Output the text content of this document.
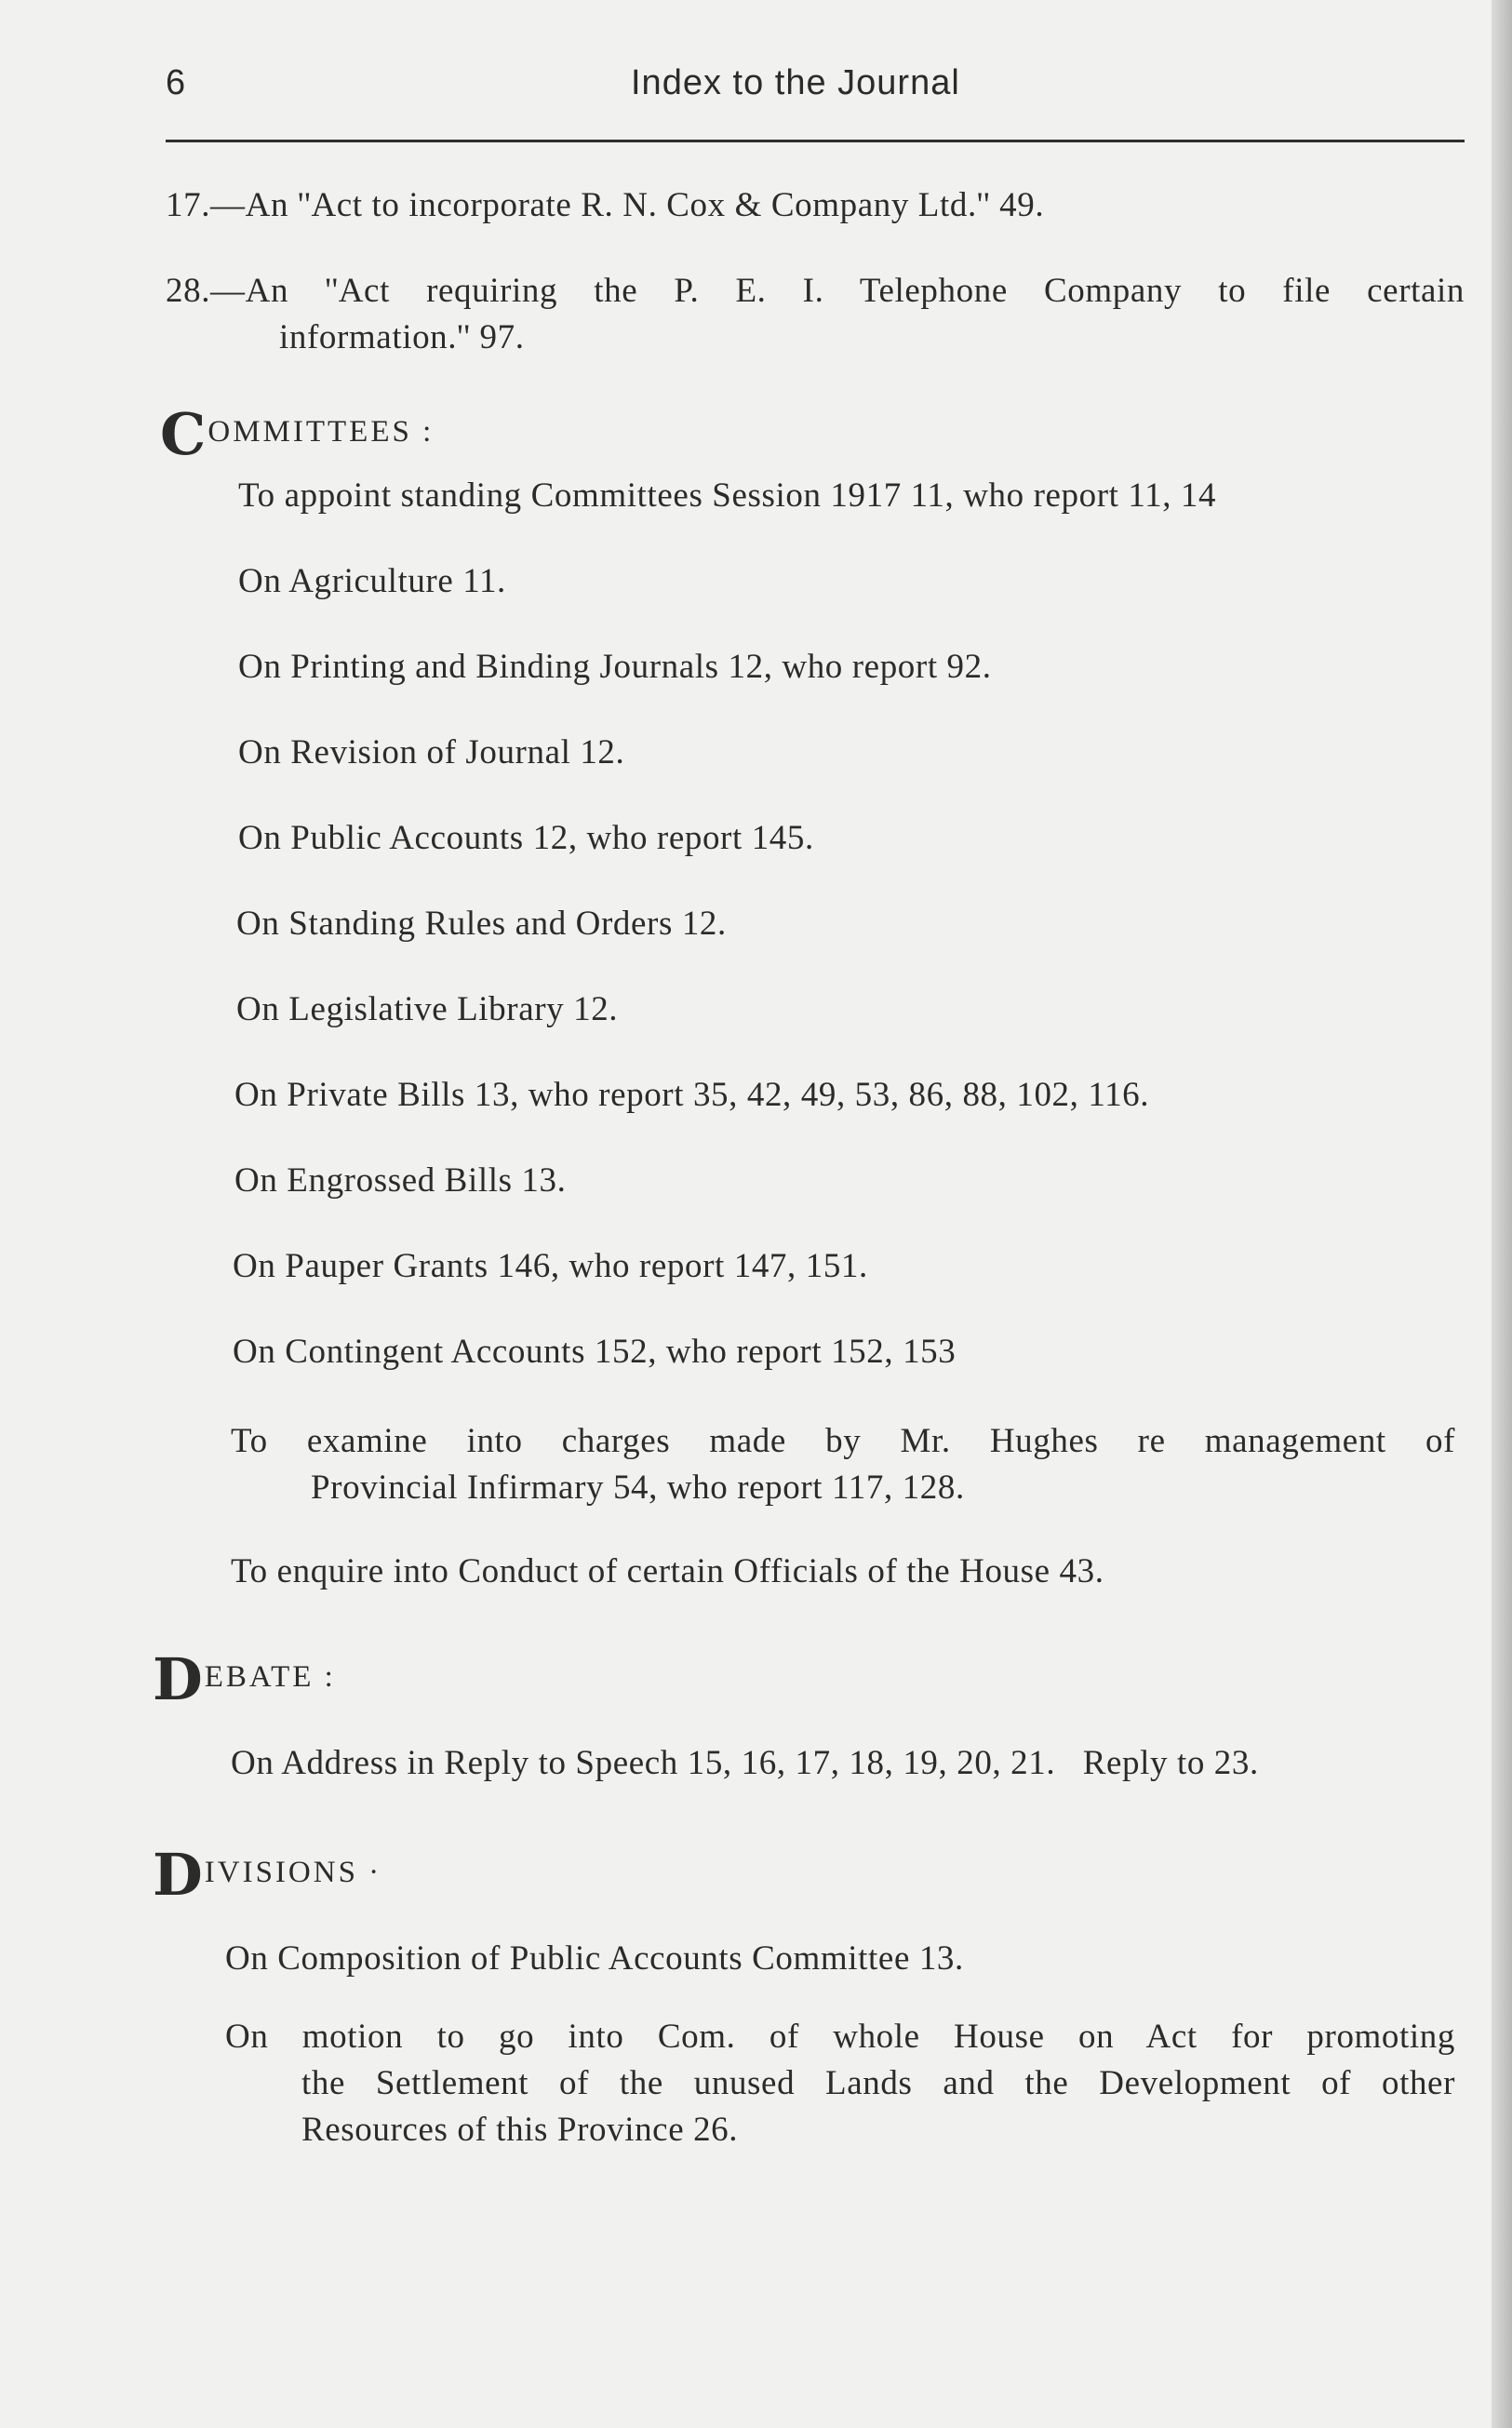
6	Index to the Journal
17.—An ''Act to incorporate R. N. Cox & Company Ltd.'' 49.
28.—An ''Act requiring the P. E. I. Telephone Company to file certain
information.'' 97.
COMMITTEES :
To appoint standing Committees Session 1917 11, who report 11, 14
On Agriculture 11.
On Printing and Binding Journals 12, who report 92.
On Revision of Journal 12.
On Public Accounts 12, who report 145.
On Standing Rules and Orders 12.
On Legislative Library 12.
On Private Bills 13, who report 35, 42, 49, 53, 86, 88, 102, 116.
On Engrossed Bills 13.
On Pauper Grants 146, who report 147, 151.
On Contingent Accounts 152, who report 152, 153
To examine into charges made by Mr. Hughes re management of
Provincial Infirmary 54, who report 117, 128.
To enquire into Conduct of certain Officials of the House 43.
DEBATE :
On Address in Reply to Speech 15, 16, 17, 18, 19, 20, 21.   Reply to 23.
DIVISIONS ·
On Composition of Public Accounts Committee 13.
On motion to go into Com. of whole House on Act for promoting
the Settlement of the unused Lands and the Development of other
Resources of this Province 26.
